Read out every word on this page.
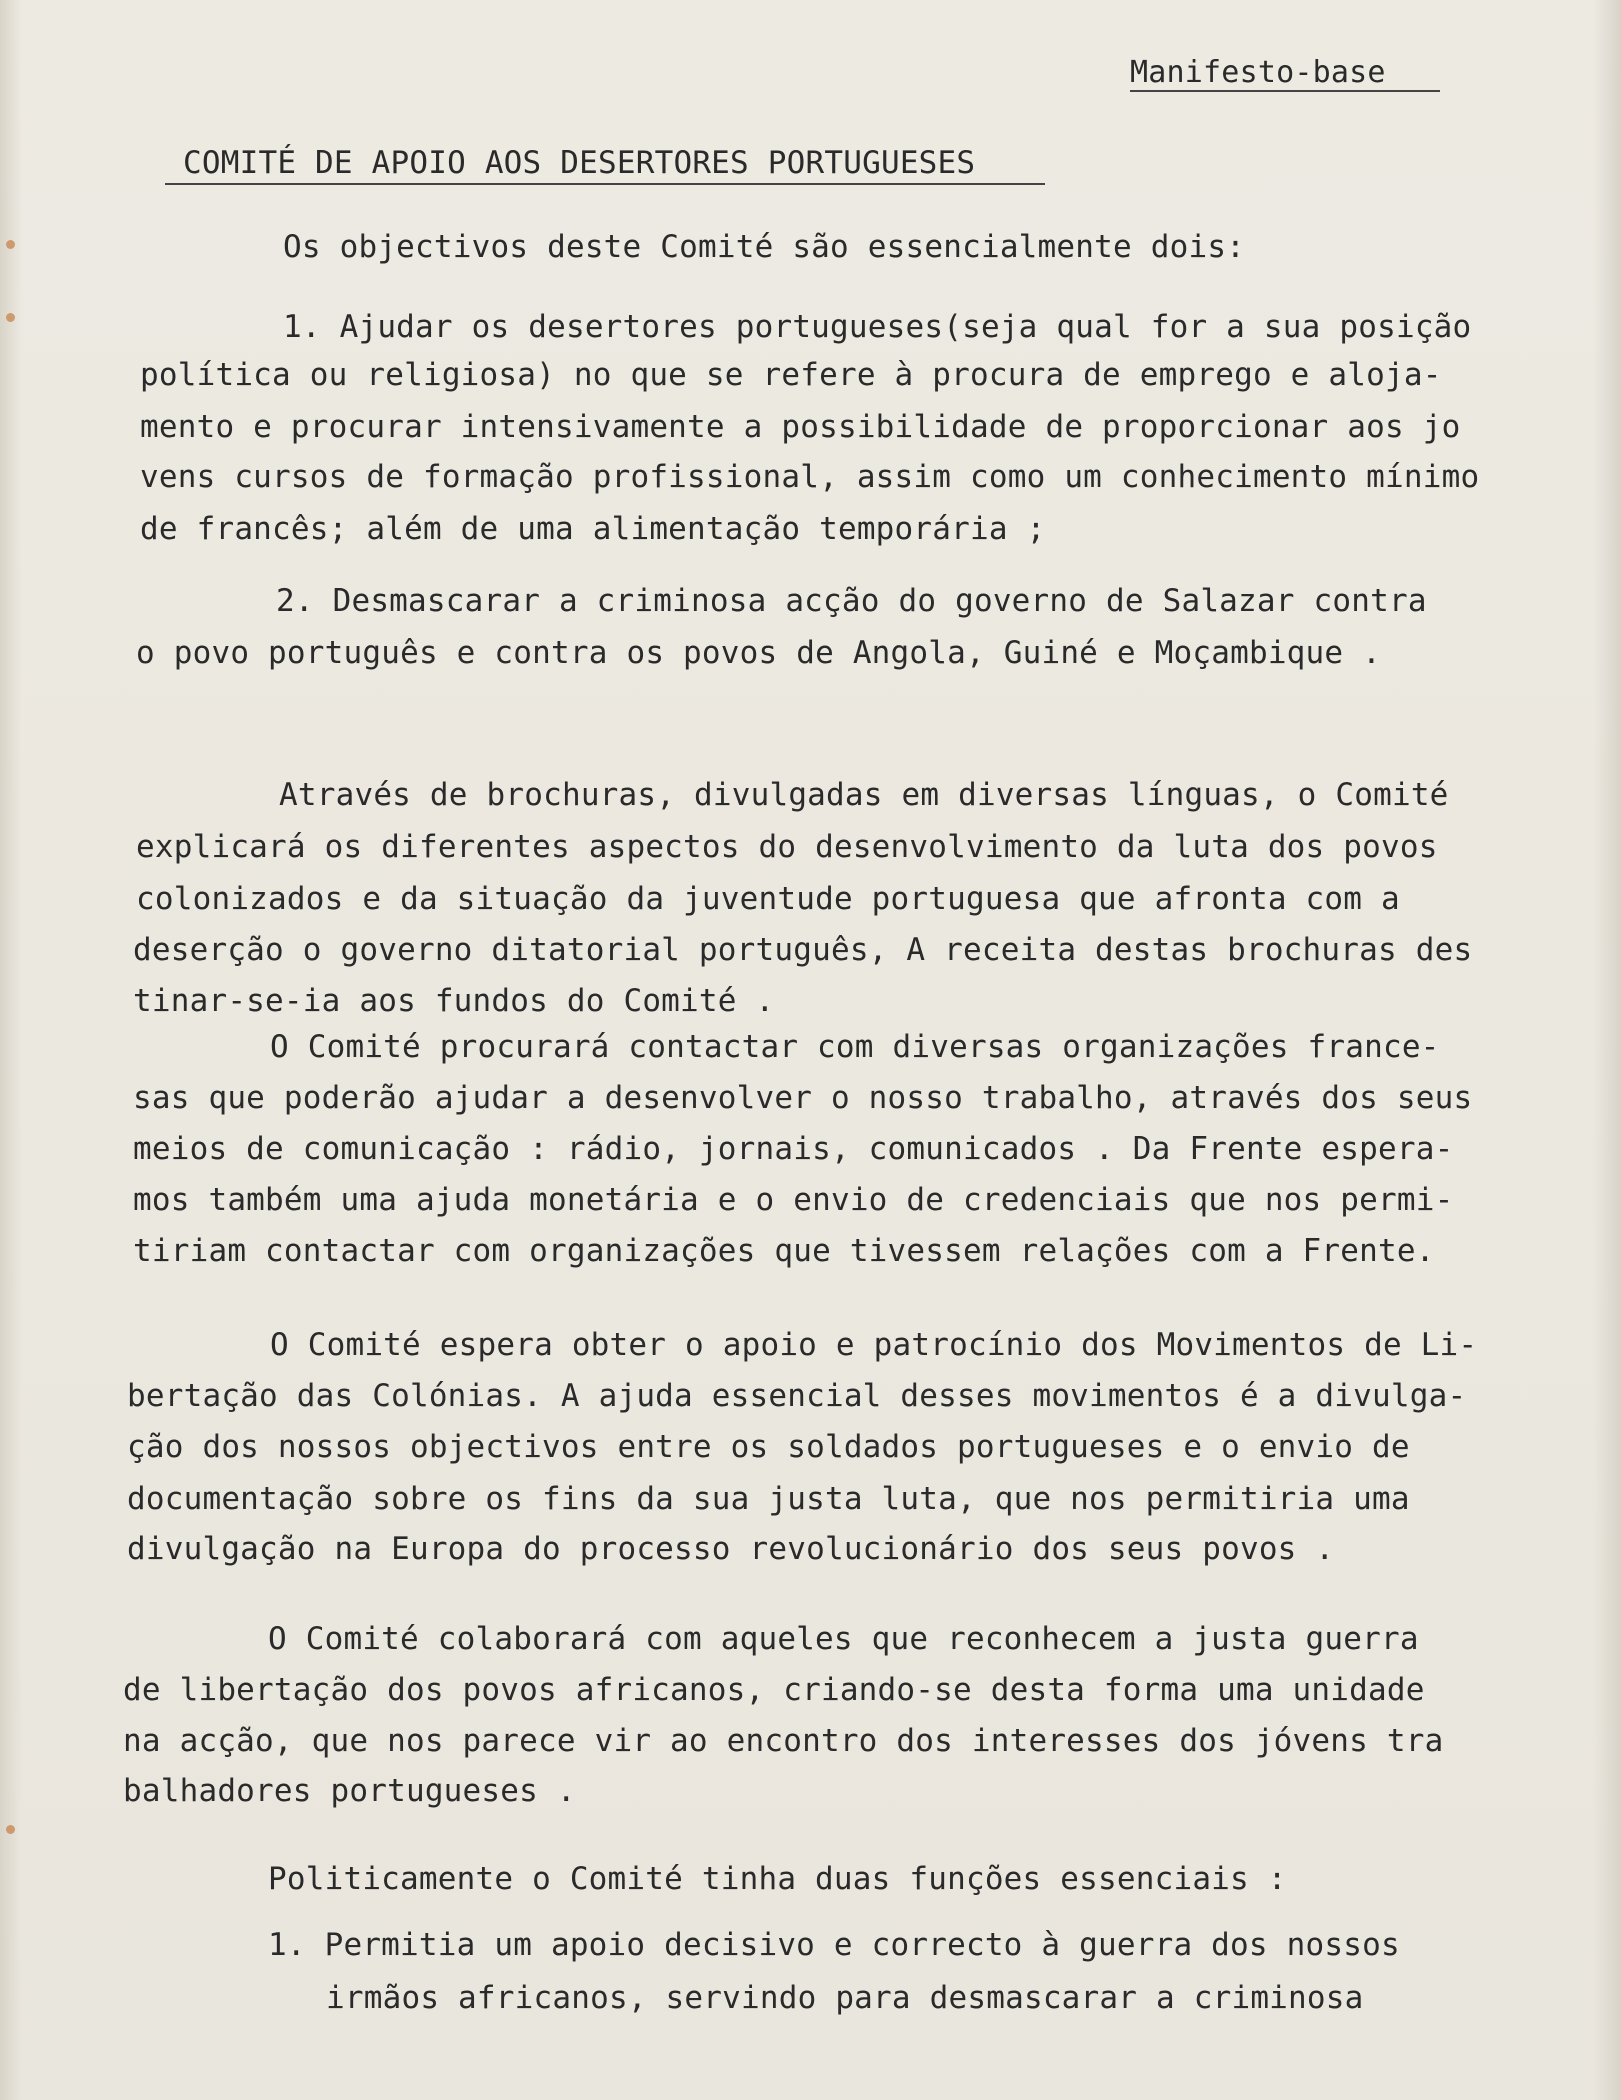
Manifesto-base
COMITÉ DE APOIO AOS DESERTORES PORTUGUESES
Os objectivos deste Comité são essencialmente dois:
1. Ajudar os desertores portugueses(seja qual for a sua posição
política ou religiosa) no que se refere à procura de emprego e aloja-
mento e procurar intensivamente a possibilidade de proporcionar aos jo
vens cursos de formação profissional, assim como um conhecimento mínimo
de francês; além de uma alimentação temporária ;
2. Desmascarar a criminosa acção do governo de Salazar contra
o povo português e contra os povos de Angola, Guiné e Moçambique .
Através de brochuras, divulgadas em diversas línguas, o Comité
explicará os diferentes aspectos do desenvolvimento da luta dos povos
colonizados e da situação da juventude portuguesa que afronta com a
deserção o governo ditatorial português, A receita destas brochuras des
tinar-se-ia aos fundos do Comité .
O Comité procurará contactar com diversas organizações france-
sas que poderão ajudar a desenvolver o nosso trabalho, através dos seus
meios de comunicação : rádio, jornais, comunicados . Da Frente espera-
mos também uma ajuda monetária e o envio de credenciais que nos permi-
tiriam contactar com organizações que tivessem relações com a Frente.
O Comité espera obter o apoio e patrocínio dos Movimentos de Li-
bertação das Colónias. A ajuda essencial desses movimentos é a divulga-
ção dos nossos objectivos entre os soldados portugueses e o envio de
documentação sobre os fins da sua justa luta, que nos permitiria uma
divulgação na Europa do processo revolucionário dos seus povos .
O Comité colaborará com aqueles que reconhecem a justa guerra
de libertação dos povos africanos, criando-se desta forma uma unidade
na acção, que nos parece vir ao encontro dos interesses dos jóvens tra
balhadores portugueses .
Politicamente o Comité tinha duas funções essenciais :
1. Permitia um apoio decisivo e correcto à guerra dos nossos
irmãos africanos, servindo para desmascarar a criminosa
